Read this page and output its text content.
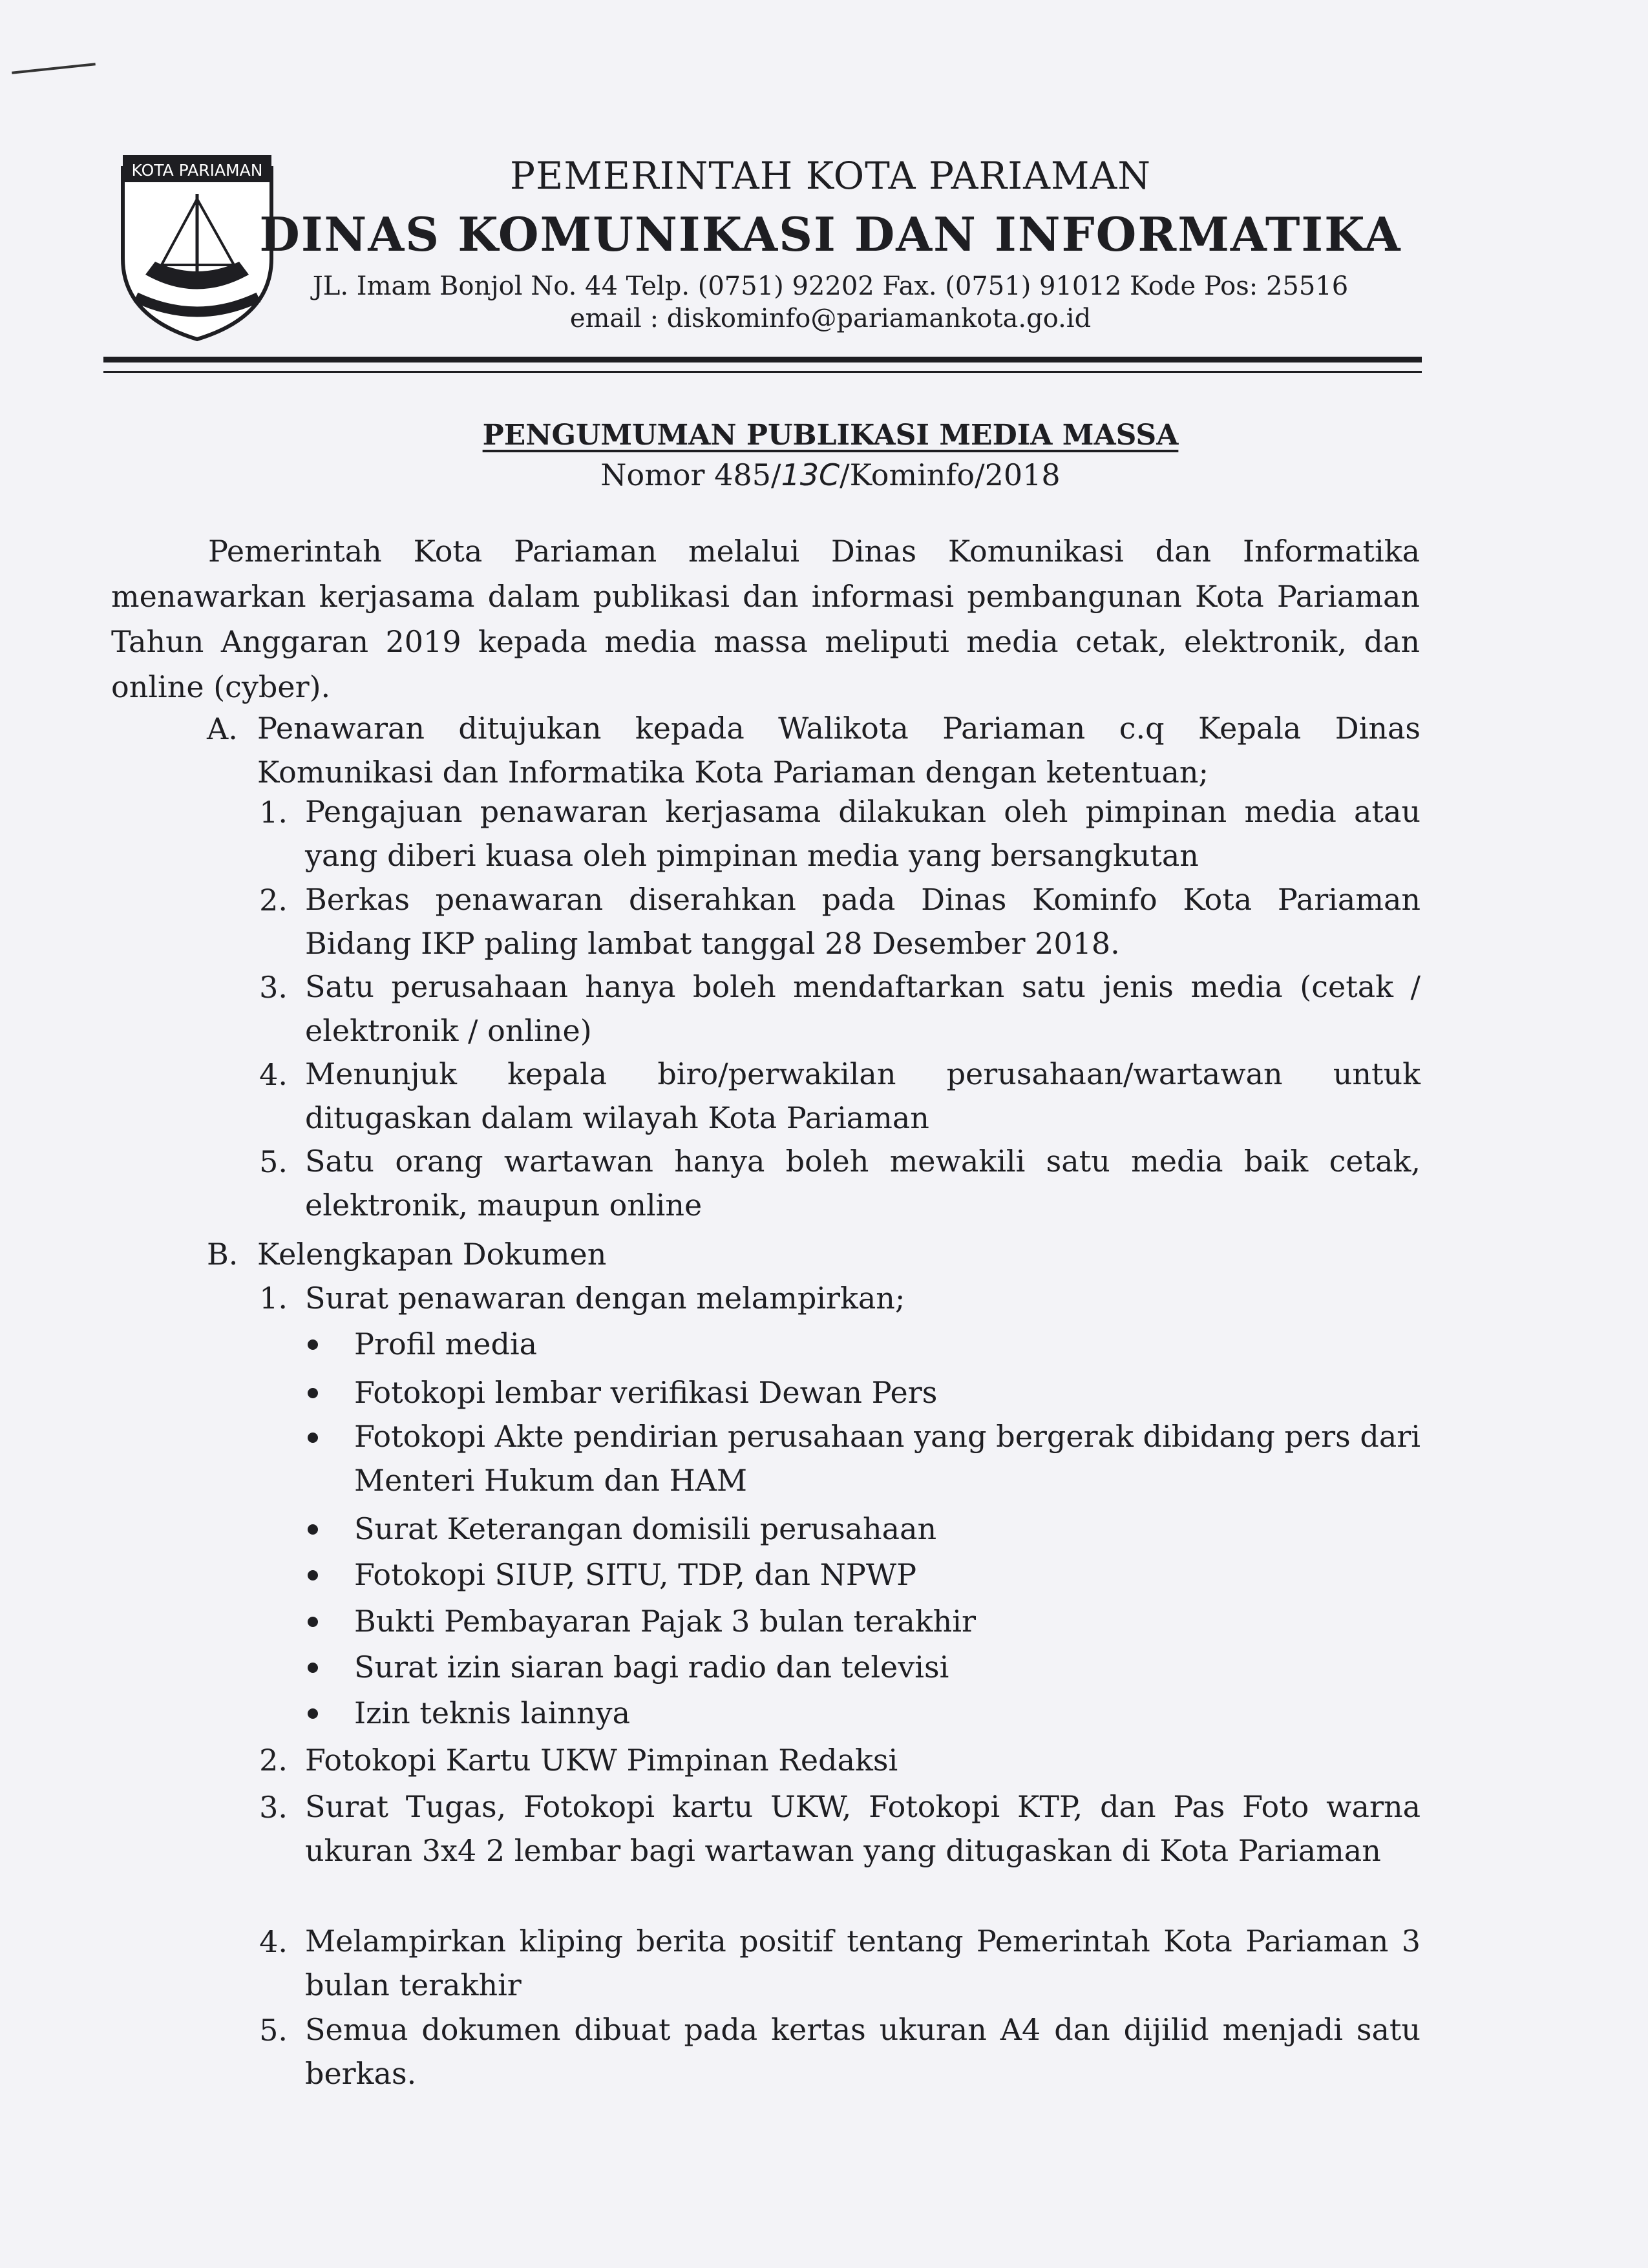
KOTA PARIAMAN	PEMERINTAH KOTA PARIAMAN
DINAS KOMUNIKASI DAN INFORMATIKA
JL. Imam Bonjol No. 44 Telp. (0751) 92202 Fax. (0751) 91012 Kode Pos: 25516
email : diskominfo@pariamankota.go.id
PENGUMUMAN PUBLIKASI MEDIA MASSA
Nomor 485/13C/Kominfo/2018
Pemerintah Kota Pariaman melalui Dinas Komunikasi dan Informatika menawarkan kerjasama dalam publikasi dan informasi pembangunan Kota Pariaman Tahun Anggaran 2019 kepada media massa meliputi media cetak, elektronik, dan online (cyber).
A. Penawaran ditujukan kepada Walikota Pariaman c.q Kepala Dinas Komunikasi dan Informatika Kota Pariaman dengan ketentuan;
1. Pengajuan penawaran kerjasama dilakukan oleh pimpinan media atau yang diberi kuasa oleh pimpinan media yang bersangkutan
2. Berkas penawaran diserahkan pada Dinas Kominfo Kota Pariaman Bidang IKP paling lambat tanggal 28 Desember 2018.
3. Satu perusahaan hanya boleh mendaftarkan satu jenis media (cetak / elektronik / online)
4. Menunjuk kepala biro/perwakilan perusahaan/wartawan untuk ditugaskan dalam wilayah Kota Pariaman
5. Satu orang wartawan hanya boleh mewakili satu media baik cetak, elektronik, maupun online
B. Kelengkapan Dokumen
1. Surat penawaran dengan melampirkan;
Profil media
Fotokopi lembar verifikasi Dewan Pers
Fotokopi Akte pendirian perusahaan yang bergerak dibidang pers dari Menteri Hukum dan HAM
Surat Keterangan domisili perusahaan
Fotokopi SIUP, SITU, TDP, dan NPWP
Bukti Pembayaran Pajak 3 bulan terakhir
Surat izin siaran bagi radio dan televisi
Izin teknis lainnya
2. Fotokopi Kartu UKW Pimpinan Redaksi
3. Surat Tugas, Fotokopi kartu UKW, Fotokopi KTP, dan Pas Foto warna ukuran 3x4 2 lembar bagi wartawan yang ditugaskan di Kota Pariaman
4. Melampirkan kliping berita positif tentang Pemerintah Kota Pariaman 3 bulan terakhir
5. Semua dokumen dibuat pada kertas ukuran A4 dan dijilid menjadi satu berkas.
